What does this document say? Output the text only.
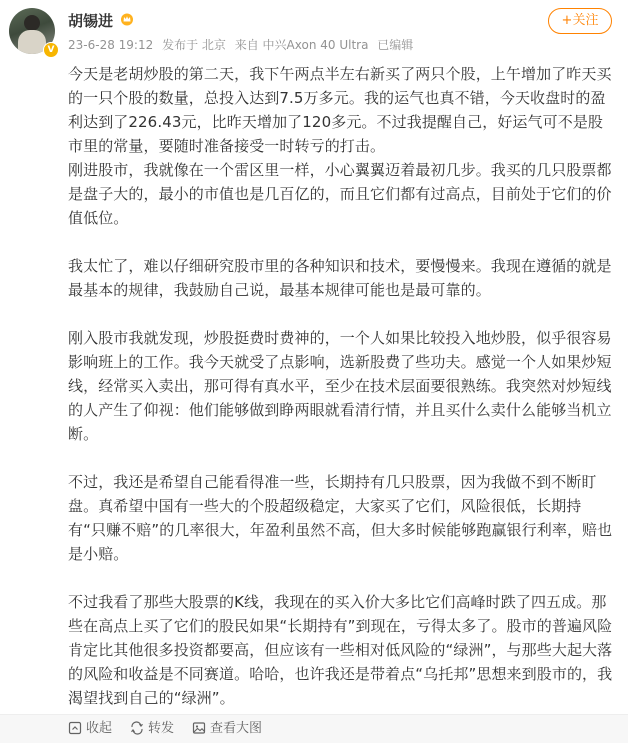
V
胡锡进
23-6-28 19:12 发布于 北京 来自 中兴Axon 40 Ultra 已编辑
+关注

今天是老胡炒股的第二天，我下午两点半左右新买了两只个股，上午增加了昨天买的一只个股的数量，总投入达到7.5万多元。我的运气也真不错，今天收盘时的盈利达到了226.43元，比昨天增加了120多元。不过我提醒自己，好运气可不是股市里的常量，要随时准备接受一时转亏的打击。

刚进股市，我就像在一个雷区里一样，小心翼翼迈着最初几步。我买的几只股票都是盘子大的，最小的市值也是几百亿的，而且它们都有过高点，目前处于它们的价值低位。

我太忙了，难以仔细研究股市里的各种知识和技术，要慢慢来。我现在遵循的就是最基本的规律，我鼓励自己说，最基本规律可能也是最可靠的。

刚入股市我就发现，炒股挺费时费神的，一个人如果比较投入地炒股，似乎很容易影响班上的工作。我今天就受了点影响，选新股费了些功夫。感觉一个人如果炒短线，经常买入卖出，那可得有真水平，至少在技术层面要很熟练。我突然对炒短线的人产生了仰视：他们能够做到睁两眼就看清行情，并且买什么卖什么能够当机立断。

不过，我还是希望自己能看得准一些，长期持有几只股票，因为我做不到不断盯盘。真希望中国有一些大的个股超级稳定，大家买了它们，风险很低，长期持有“只赚不赔”的几率很大，年盈利虽然不高，但大多时候能够跑赢银行利率，赔也是小赔。

不过我看了那些大股票的K线，我现在的买入价大多比它们高峰时跌了四五成。那些在高点上买了它们的股民如果“长期持有”到现在，亏得太多了。股市的普遍风险肯定比其他很多投资都要高，但应该有一些相对低风险的“绿洲”，与那些大起大落的风险和收益是不同赛道。哈哈，也许我还是带着点“乌托邦”思想来到股市的，我渴望找到自己的“绿洲”。

收起	转发	查看大图
